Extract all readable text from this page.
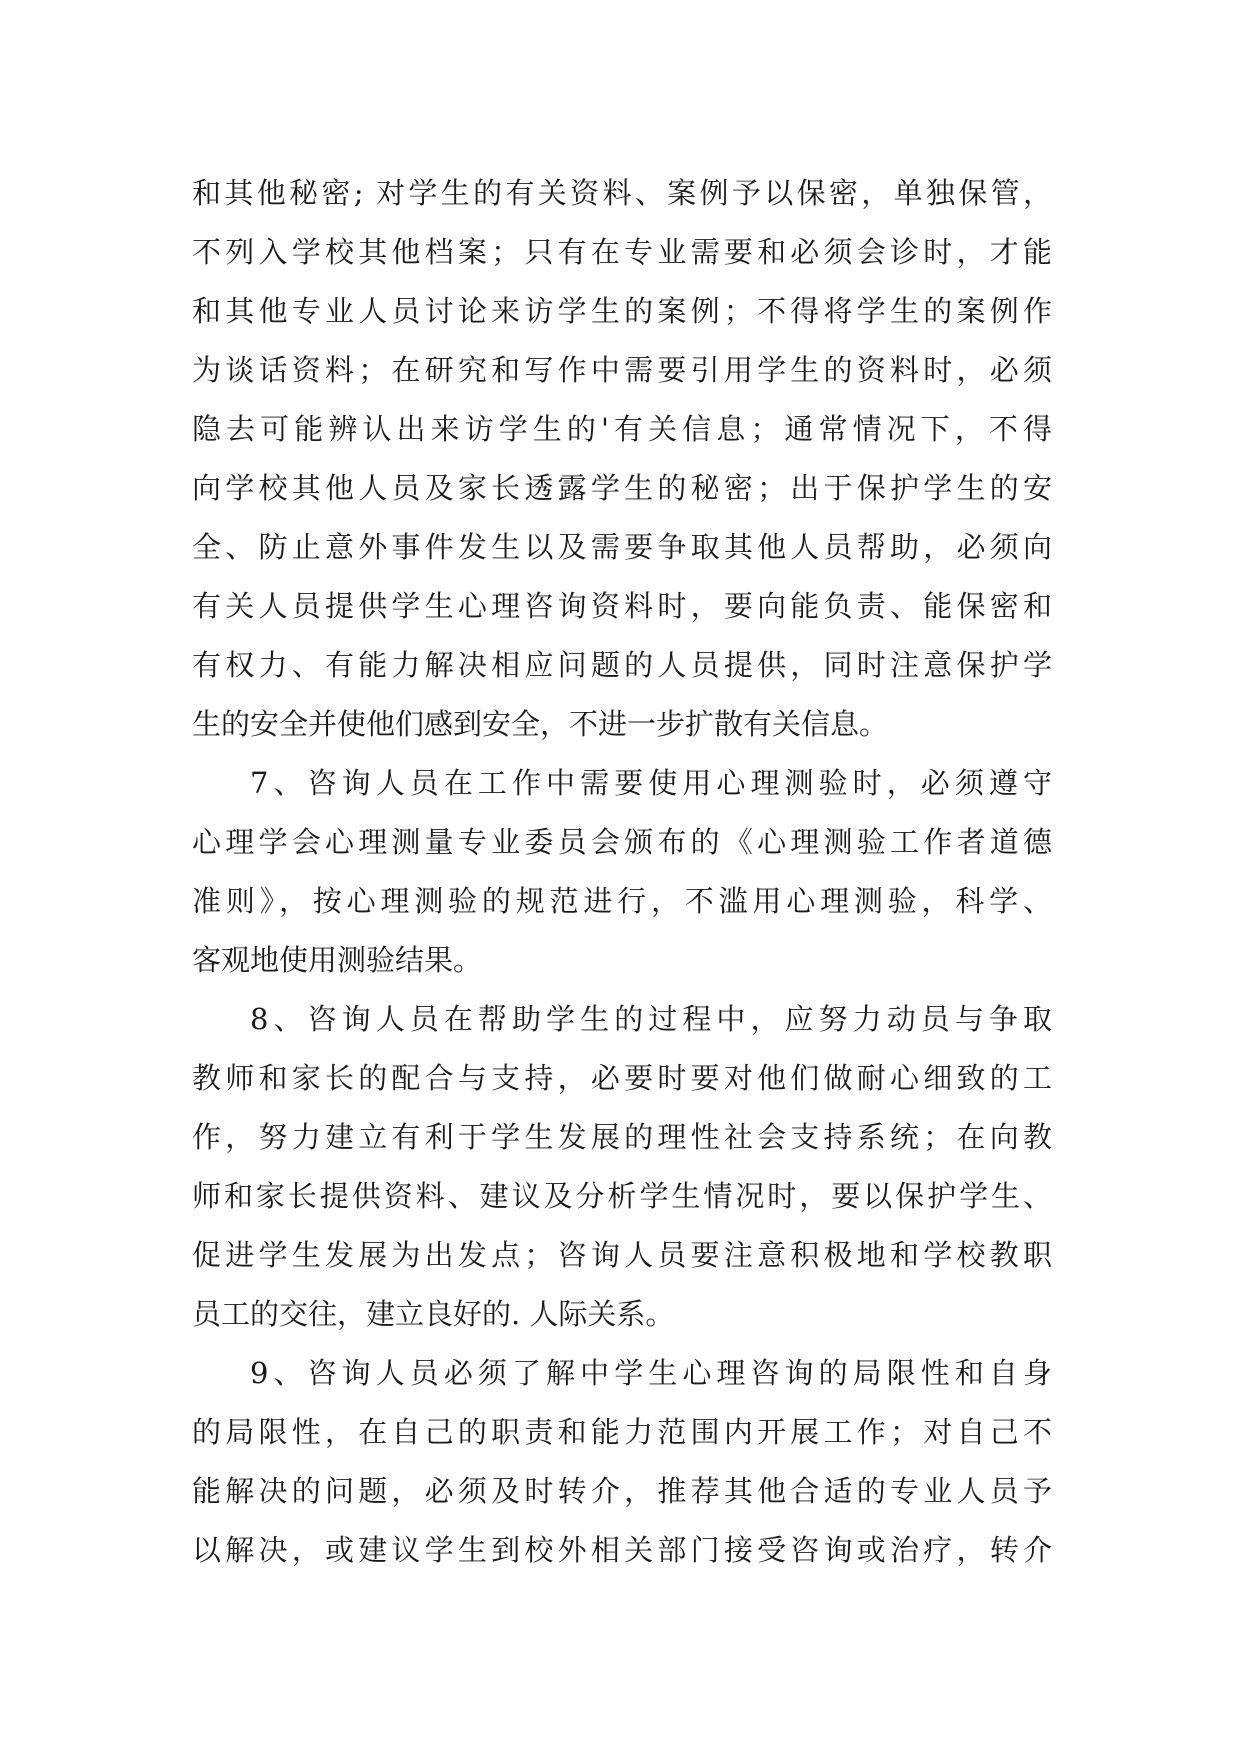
和其他秘密; 对学生的有关资料、案例予以保密，单独保管，
不列入学校其他档案；只有在专业需要和必须会诊时，才能
和其他专业人员讨论来访学生的案例；不得将学生的案例作
为谈话资料；在研究和写作中需要引用学生的资料时，必须
隐去可能辨认出来访学生的'有关信息；通常情况下，不得
向学校其他人员及家长透露学生的秘密；出于保护学生的安
全、防止意外事件发生以及需要争取其他人员帮助，必须向
有关人员提供学生心理咨询资料时，要向能负责、能保密和
有权力、有能力解决相应问题的人员提供，同时注意保护学
生的安全并使他们感到安全，不进一步扩散有关信息。
7、咨询人员在工作中需要使用心理测验时，必须遵守
心理学会心理测量专业委员会颁布的《心理测验工作者道德
准则》，按心理测验的规范进行，不滥用心理测验，科学、
客观地使用测验结果。
8、咨询人员在帮助学生的过程中，应努力动员与争取
教师和家长的配合与支持，必要时要对他们做耐心细致的工
作，努力建立有利于学生发展的理性社会支持系统；在向教
师和家长提供资料、建议及分析学生情况时，要以保护学生、
促进学生发展为出发点；咨询人员要注意积极地和学校教职
员工的交往，建立良好的. 人际关系。
9、咨询人员必须了解中学生心理咨询的局限性和自身
的局限性，在自己的职责和能力范围内开展工作；对自己不
能解决的问题，必须及时转介，推荐其他合适的专业人员予
以解决，或建议学生到校外相关部门接受咨询或治疗，转介
